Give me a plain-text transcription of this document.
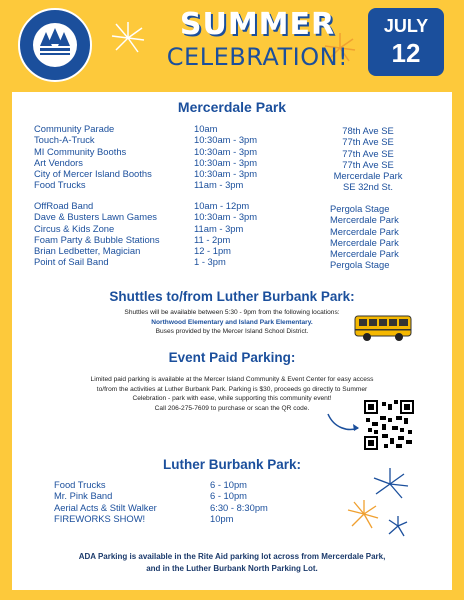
SUMMER
CELEBRATION!
JULY
12
Mercerdale Park
Community Parade
Touch-A-Truck
MI Community Booths
Art Vendors
City of Mercer Island Booths
Food Trucks
10am
10:30am - 3pm
10:30am - 3pm
10:30am - 3pm
10:30am - 3pm
11am - 3pm
78th Ave SE
77th Ave SE
77th Ave SE
77th Ave SE
Mercerdale Park
SE 32nd St.
OffRoad Band
Dave & Busters Lawn Games
Circus & Kids Zone
Foam Party & Bubble Stations
Brian Ledbetter, Magician
Point of Sail Band
10am - 12pm
10:30am - 3pm
11am - 3pm
11 - 2pm
12 - 1pm
1 - 3pm
Pergola Stage
Mercerdale Park
Mercerdale Park
Mercerdale Park
Mercerdale Park
Pergola Stage
Shuttles to/from Luther Burbank Park:
Shuttles will be available between 5:30 - 9pm from the following locations:
Northwood Elementary and Island Park Elementary.
Buses provided by the Mercer Island School District.
Event Paid Parking:
Limited paid parking is available at the Mercer Island Community & Event Center for easy access
to/from the activities at Luther Burbank Park. Parking is $30, proceeds go directly to Summer
Celebration - park with ease, while supporting this community event!
Call 206-275-7609 to purchase or scan the QR code.
Luther Burbank Park:
Food Trucks
Mr. Pink Band
Aerial Acts & Stilt Walker
FIREWORKS SHOW!
6 - 10pm
6 - 10pm
6:30 - 8:30pm
10pm
ADA Parking is available in the Rite Aid parking lot across from Mercerdale Park,
and in the Luther Burbank North Parking Lot.
